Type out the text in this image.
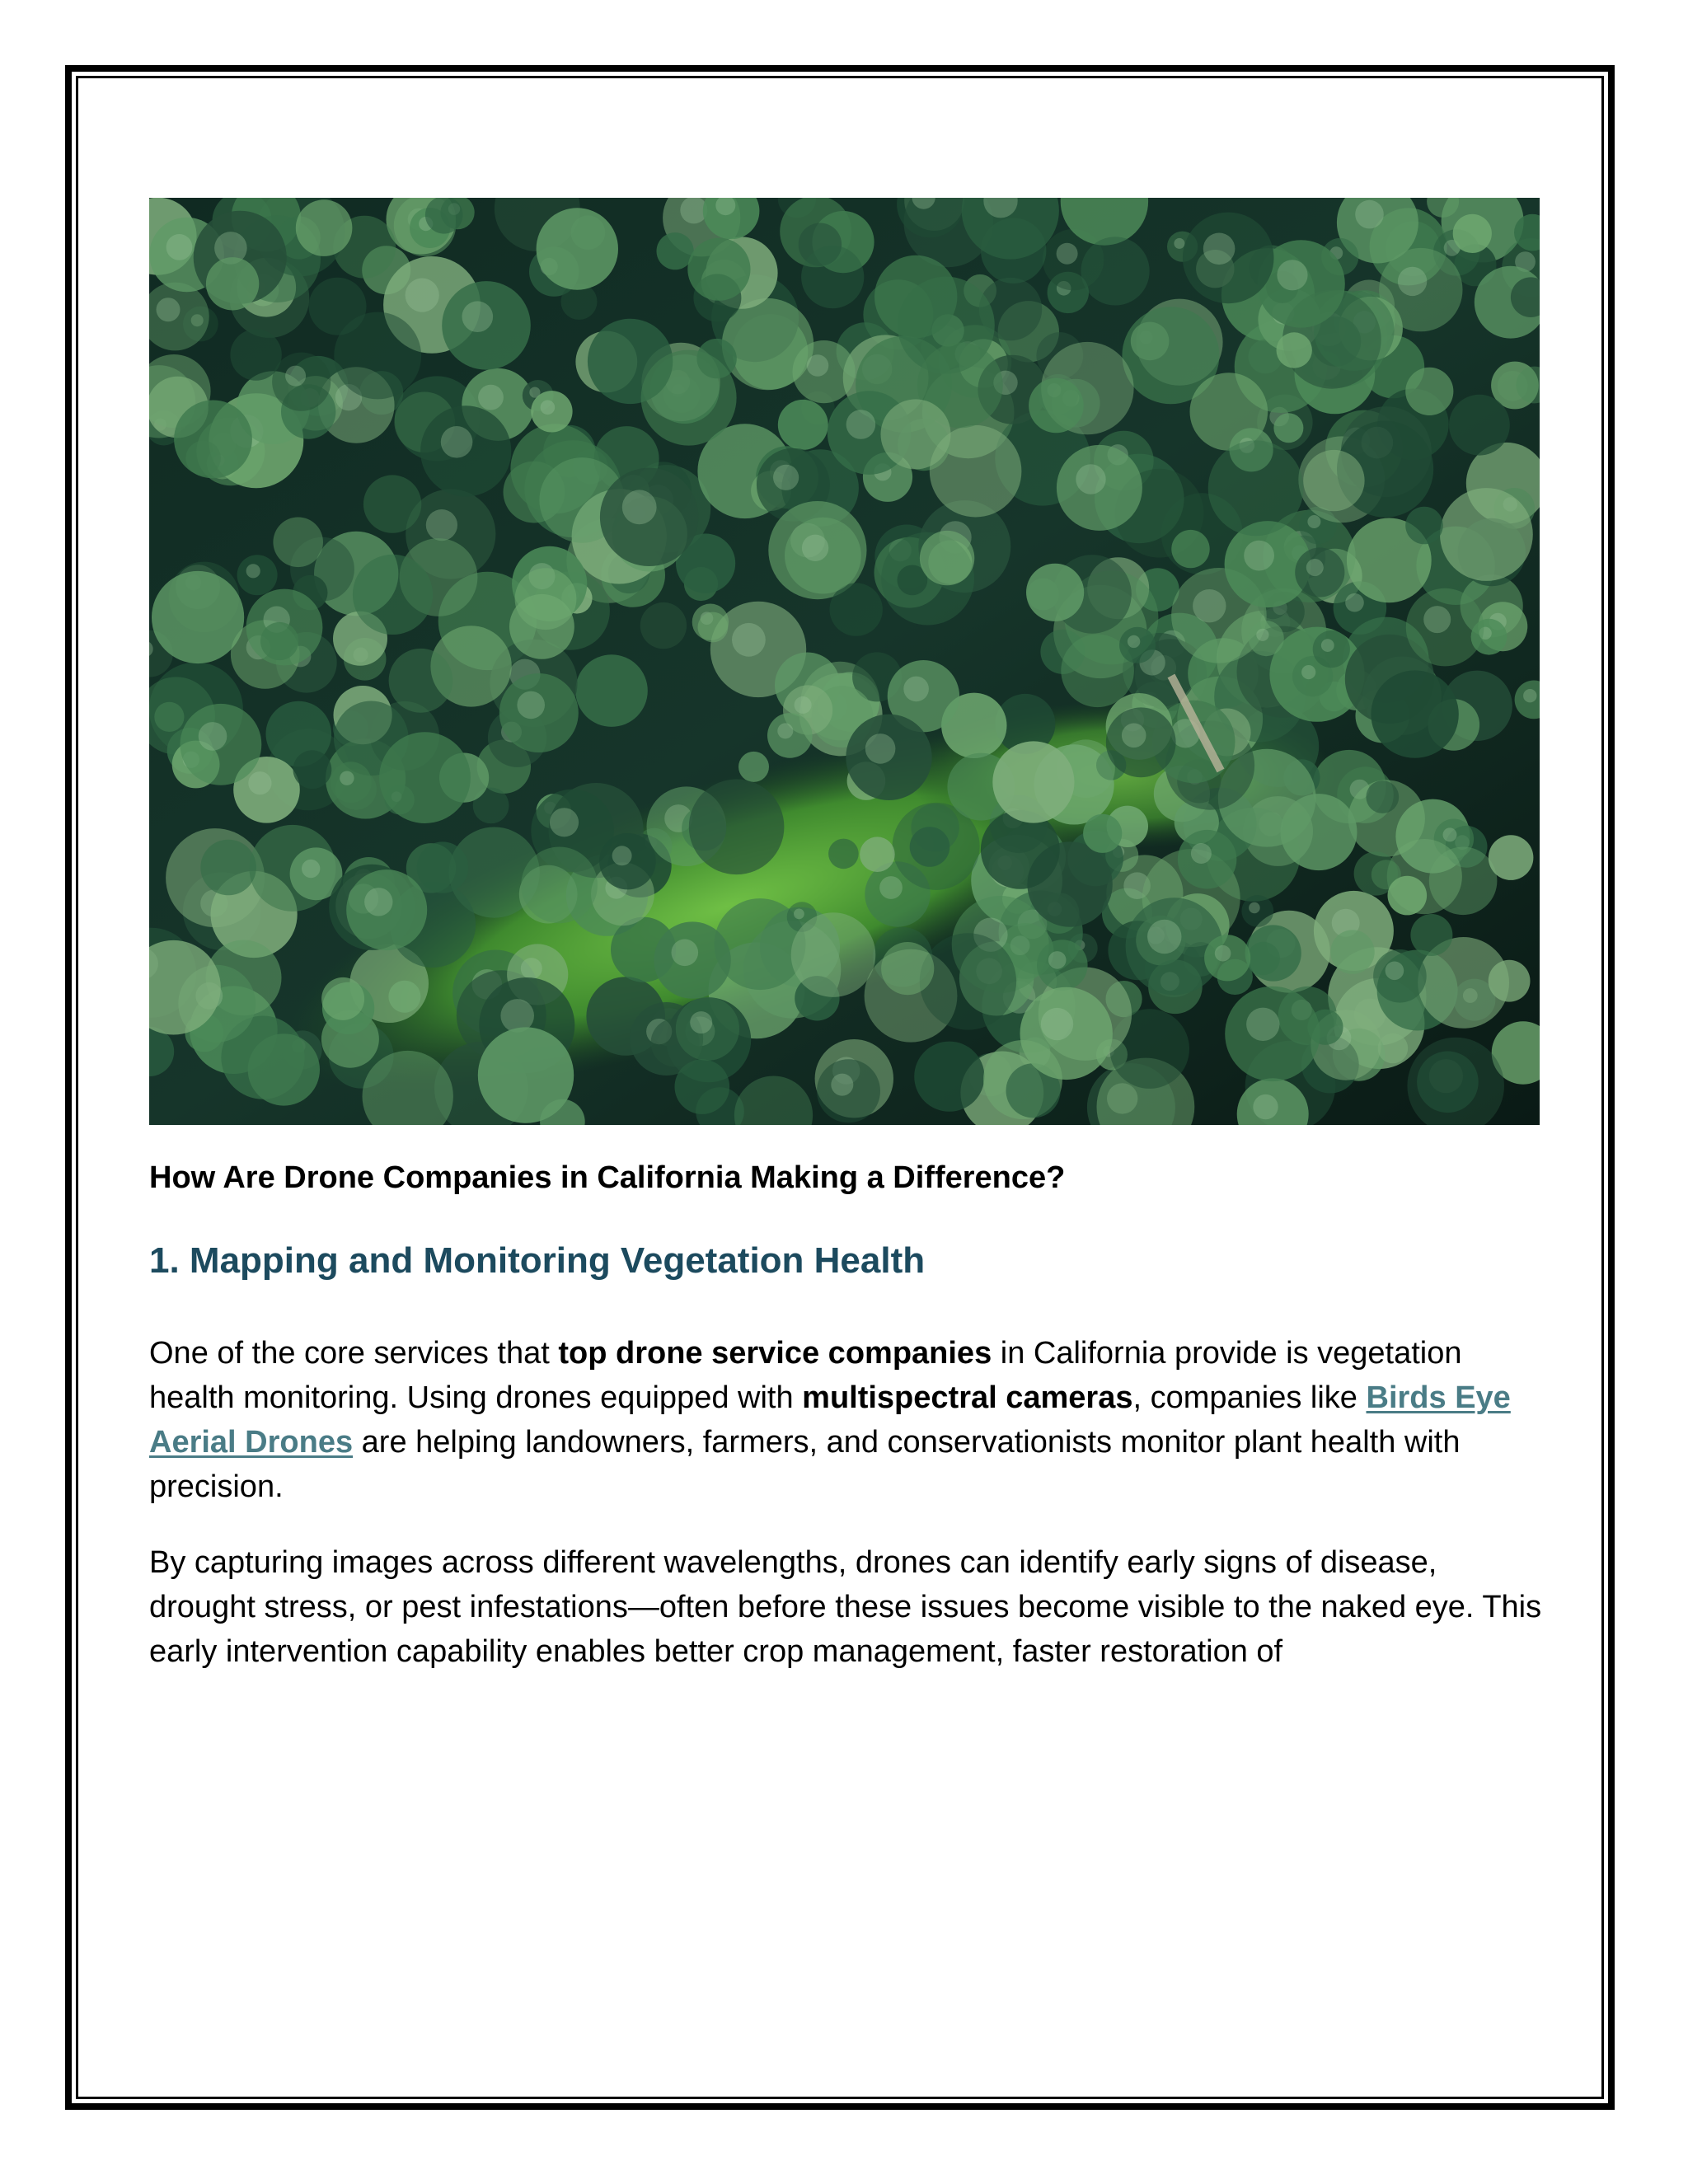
How Are Drone Companies in California Making a Difference?

1. Mapping and Monitoring Vegetation Health

One of the core services that top drone service companies in California provide is vegetation health monitoring. Using drones equipped with multispectral cameras, companies like Birds Eye Aerial Drones are helping landowners, farmers, and conservationists monitor plant health with precision.

By capturing images across different wavelengths, drones can identify early signs of disease, drought stress, or pest infestations—often before these issues become visible to the naked eye. This early intervention capability enables better crop management, faster restoration of
